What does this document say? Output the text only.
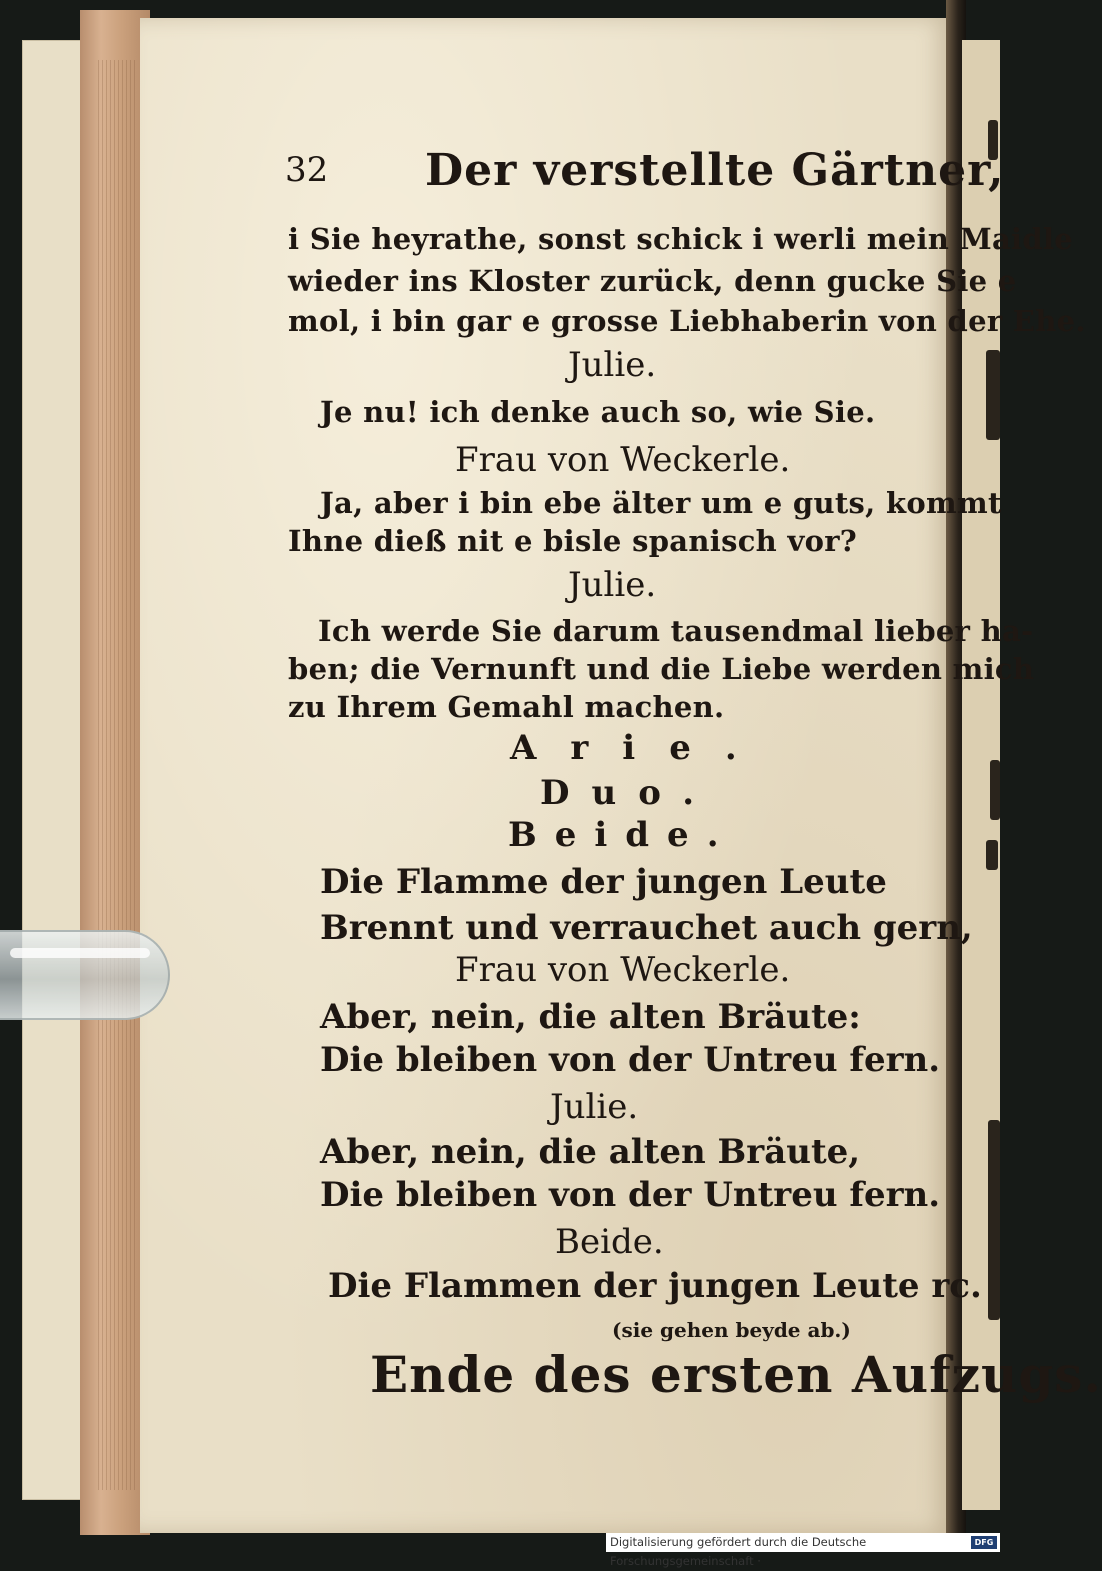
32 Der verstellte Gärtner,
i Sie heyrathe, sonst schick i werli mein Maidle
wieder ins Kloster zurück, denn gucke Sie e
mol, i bin gar e grosse Liebhaberin von der Ehe.
Julie.
Je nu! ich denke auch so, wie Sie.
Frau von Weckerle.
Ja, aber i bin ebe älter um e guts, kommt
Ihne dieß nit e bisle spanisch vor?
Julie.
Ich werde Sie darum tausendmal lieber ha-
ben; die Vernunft und die Liebe werden mich
zu Ihrem Gemahl machen.
Arie.
Duo.
Beide.
Die Flamme der jungen Leute
Brennt und verrauchet auch gern,
Frau von Weckerle.
Aber, nein, die alten Bräute:
Die bleiben von der Untreu fern.
Julie.
Aber, nein, die alten Bräute,
Die bleiben von der Untreu fern.
Beide.
Die Flammen der jungen Leute rc.
(sie gehen beyde ab.)
Ende des ersten Aufzugs.
Digitalisierung gefördert durch die Deutsche Forschungsgemeinschaft ·
DFG
